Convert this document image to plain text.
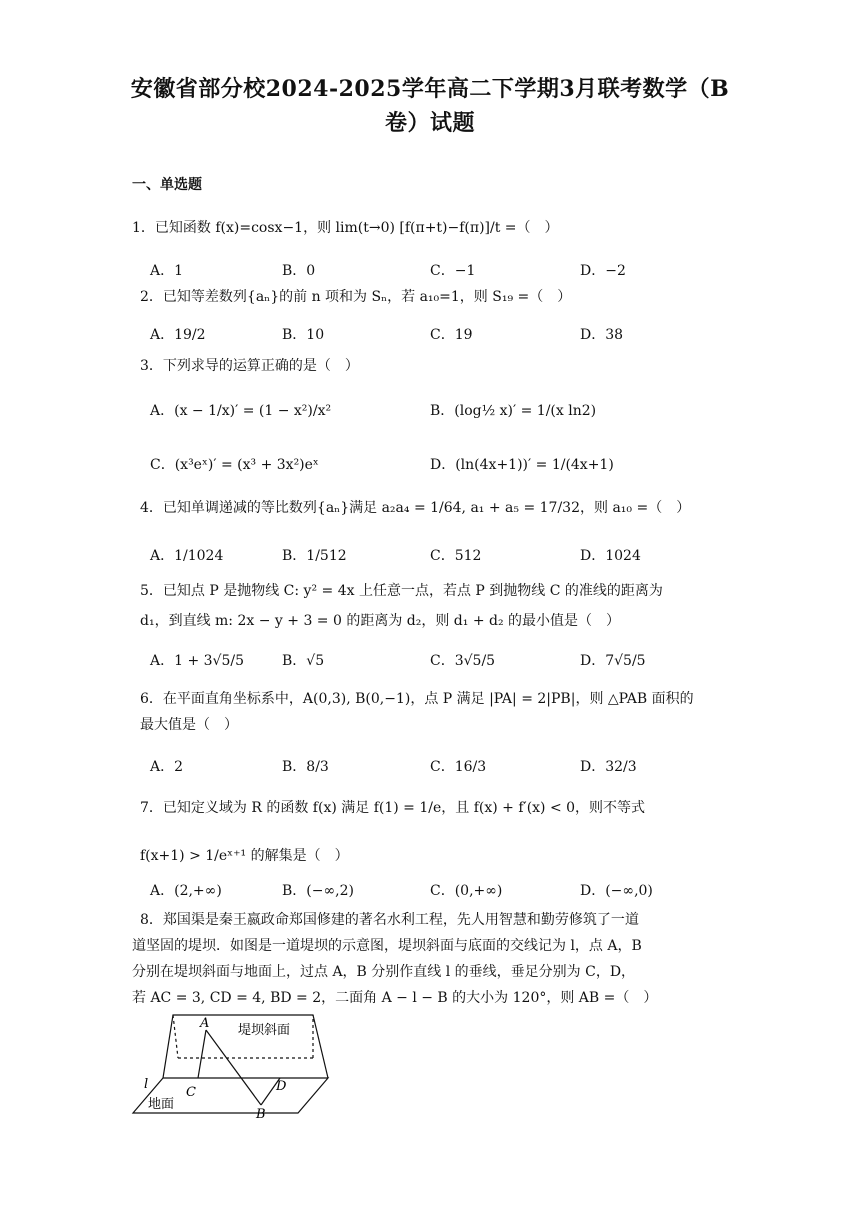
安徽省部分校2024-2025学年高二下学期3月联考数学（B
卷）试题
一、单选题
1．已知函数 f(x)=cosx−1，则 lim(t→0) [f(π+t)−f(π)]/t =（　）
A．1	B．0	C．−1	D．−2
2．已知等差数列{aₙ}的前 n 项和为 Sₙ，若 a₁₀=1，则 S₁₉ =（　）
A．19/2	B．10	C．19	D．38
3．下列求导的运算正确的是（　）
A．(x − 1/x)′ = (1 − x²)/x²	B．(log½ x)′ = 1/(x ln2)
C．(x³eˣ)′ = (x³ + 3x²)eˣ	D．(ln(4x+1))′ = 1/(4x+1)
4．已知单调递减的等比数列{aₙ}满足 a₂a₄ = 1/64, a₁ + a₅ = 17/32，则 a₁₀ =（　）
A．1/1024	B．1/512	C．512	D．1024
5．已知点 P 是抛物线 C: y² = 4x 上任意一点，若点 P 到抛物线 C 的准线的距离为
d₁，到直线 m: 2x − y + 3 = 0 的距离为 d₂，则 d₁ + d₂ 的最小值是（　）
A．1 + 3√5/5	B．√5	C．3√5/5	D．7√5/5
6．在平面直角坐标系中，A(0,3), B(0,−1)，点 P 满足 |PA| = 2|PB|，则 △PAB 面积的
最大值是（　）
A．2	B．8/3	C．16/3	D．32/3
7．已知定义域为 R 的函数 f(x) 满足 f(1) = 1/e，且 f(x) + f′(x) < 0，则不等式
f(x+1) > 1/eˣ⁺¹ 的解集是（　）
A．(2,+∞)	B．(−∞,2)	C．(0,+∞)	D．(−∞,0)
8．郑国渠是秦王嬴政命郑国修建的著名水利工程，先人用智慧和勤劳修筑了一道
道坚固的堤坝．如图是一道堤坝的示意图，堤坝斜面与底面的交线记为 l，点 A，B
分别在堤坝斜面与地面上，过点 A，B 分别作直线 l 的垂线，垂足分别为 C，D，
若 AC = 3, CD = 4, BD = 2，二面角 A − l − B 的大小为 120°，则 AB =（　）
A
B
C	D
l
堤坝斜面
地面
